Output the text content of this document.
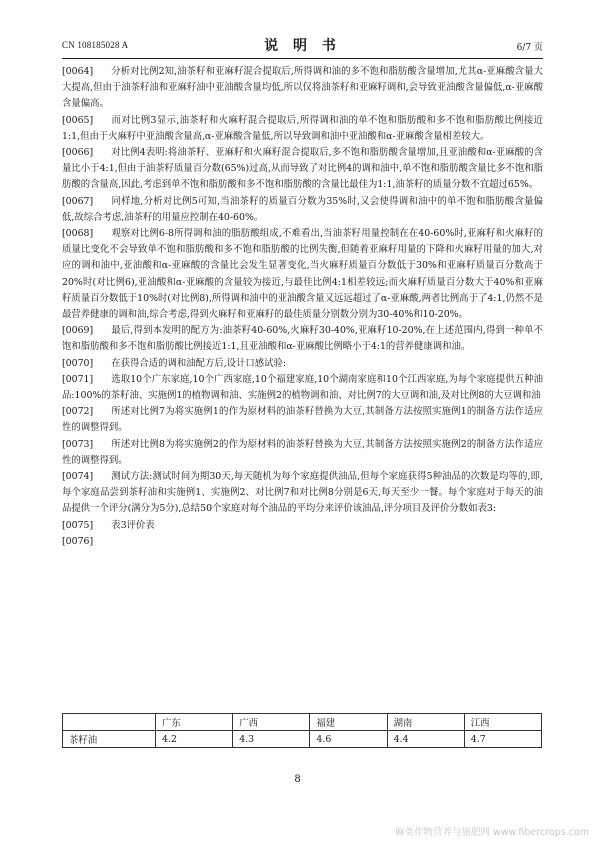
CN 108185028 A	说 明 书	6/7 页

[0064] 分析对比例2知,油茶籽和亚麻籽混合提取后,所得调和油的多不饱和脂肪酸含量增加,尤其α-亚麻酸含量大大提高,但由于油茶籽油和亚麻籽油中亚油酸含量均低,所以仅将油茶籽和亚麻籽调和,会导致亚油酸含量偏低,α-亚麻酸含量偏高。

[0065] 而对比例3显示,油茶籽和火麻籽混合提取后,所得调和油的单不饱和脂肪酸和多不饱和脂肪酸比例接近1:1,但由于火麻籽中亚油酸含量高,α-亚麻酸含量低,所以导致调和油中亚油酸和α-亚麻酸含量相差较大。

[0066] 对比例4表明:将油茶籽、亚麻籽和火麻籽混合提取后,多不饱和脂肪酸含量增加,且亚油酸和α-亚麻酸的含量比小于4:1,但由于油茶籽质量百分数(65%)过高,从而导致了对比例4的调和油中,单不饱和脂肪酸含量比多不饱和脂肪酸的含量高,因此,考虑到单不饱和脂肪酸和多不饱和脂肪酸的含量比最佳为1:1,油茶籽的质量分数不宜超过65%。

[0067] 同样地,分析对比例5可知,当油茶籽的质量百分数为35%时,又会使得调和油中的单不饱和脂肪酸含量偏低,故综合考虑,油茶籽的用量应控制在40-60%。

[0068] 观察对比例6-8所得调和油的脂肪酸组成,不难看出,当油茶籽用量控制在在40-60%时,亚麻籽和火麻籽的质量比变化不会导致单不饱和脂肪酸和多不饱和脂肪酸的比例失衡,但随着亚麻籽用量的下降和火麻籽用量的加大,对应的调和油中,亚油酸和α-亚麻酸的含量比会发生显著变化,当火麻籽质量百分数低于30%和亚麻籽质量百分数高于20%时(对比例6),亚油酸和α-亚麻酸的含量较为接近,与最佳比例4:1相差较远;而火麻籽质量百分数大于40%和亚麻籽质量百分数低于10%时(对比例8),所得调和油中的亚油酸含量又远远超过了α-亚麻酸,两者比例高于了4:1,仍然不是最营养健康的调和油,综合考虑,得到火麻籽和亚麻籽的最佳质量分别数分别为30-40%和10-20%。

[0069] 最后,得到本发明的配方为:油茶籽40-60%,火麻籽30-40%,亚麻籽10-20%,在上述范围内,得到一种单不饱和脂肪酸和多不饱和脂肪酸比例接近1:1,且亚油酸和α-亚麻酸比例略小于4:1的营养健康调和油。

[0070] 在获得合适的调和油配方后,设计口感试验:

[0071] 选取10个广东家庭,10个广西家庭,10个福建家庭,10个湖南家庭和10个江西家庭,为每个家庭提供五种油品:100%的茶籽油、实施例1的植物调和油、实施例2的植物调和油、对比例7的大豆调和油,及对比例8的大豆调和油

[0072] 所述对比例7为将实施例1的作为原材料的油茶籽替换为大豆,其制备方法按照实施例1的制备方法作适应性的调整得到。

[0073] 所述对比例8为将实施例2的作为原材料的油茶籽替换为大豆,其制备方法按照实施例2的制备方法作适应性的调整得到。

[0074] 测试方法:测试时间为期30天,每天随机为每个家庭提供油品,但每个家庭获得5种油品的次数是均等的,即,每个家庭品尝到茶籽油和实施例1、实施例2、对比例7和对比例8分别是6天,每天至少一餐。每个家庭对于每天的油品提供一个评分(满分为5分),总结50个家庭对每个油品的平均分来评价该油品,评分项目及评价分数如表3:

[0075] 表3评价表

[0076]

	广东	广西	福建	湖南	江西
茶籽油	4.2	4.3	4.6	4.4	4.7
8
麻类作物营养与施肥网 www.fibercrops.com
